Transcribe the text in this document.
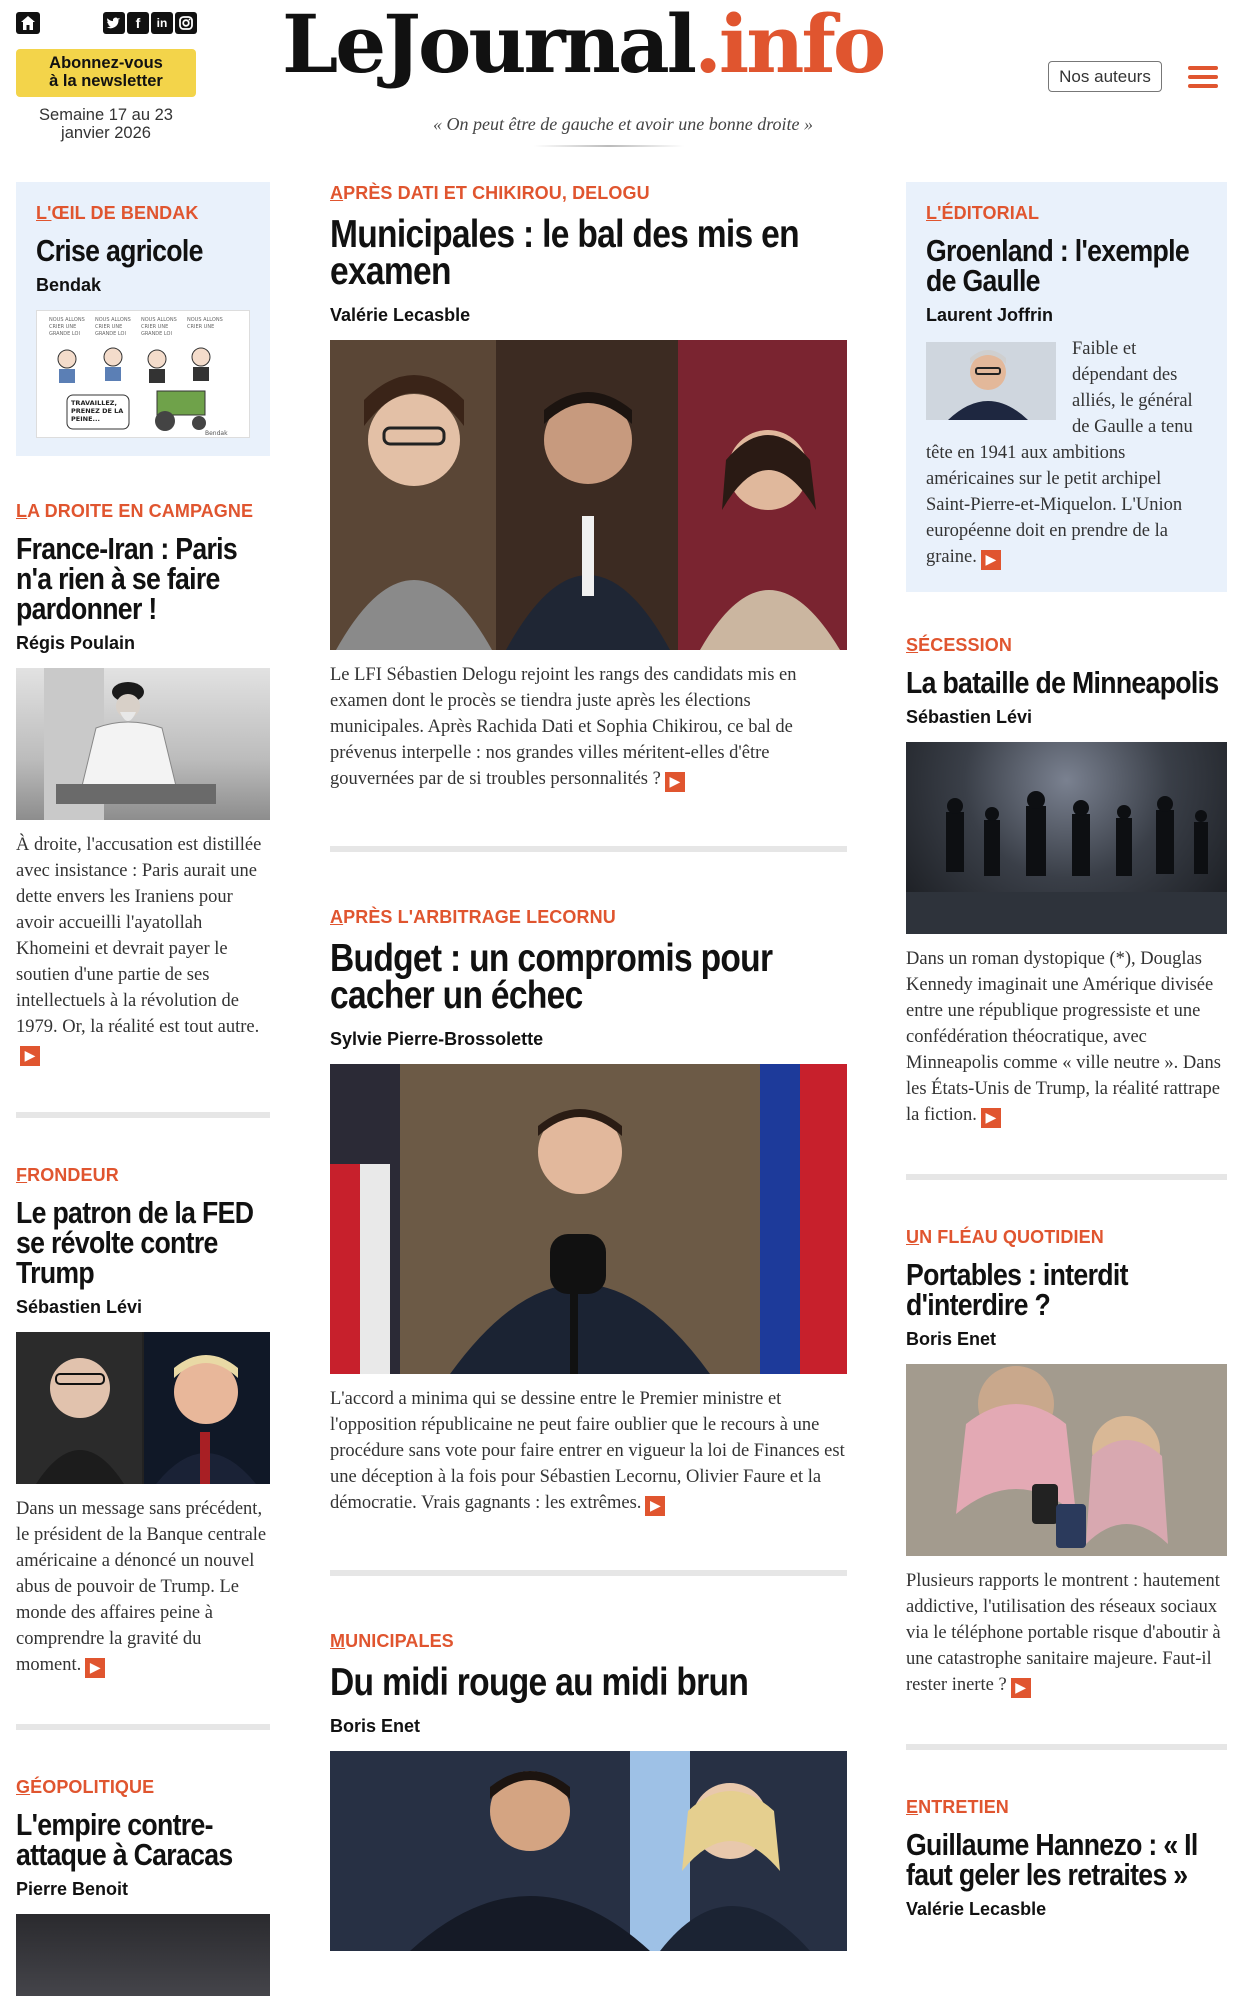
f	in
Abonnez-vous
à la newsletter
Semaine 17 au 23
janvier 2026
LeJournal.info
« On peut être de gauche et avoir une bonne droite »
Nos auteurs
L'ŒIL DE BENDAK
Crise agricole
Bendak
NOUS ALLONS NOUS ALLONS NOUS ALLONS NOUS ALLONS
CRIER UNE	CRIER UNE	CRIER UNE	CRIER UNE
GRANDE LOI	GRANDE LOI	GRANDE LOI
Bendak
TRAVAILLEZ, PRENEZ DE LA PEINE...
LA DROITE EN CAMPAGNE
France-Iran : Paris n'a rien à se faire pardonner !
Régis Poulain
À droite, l'accusation est distillée avec insistance : Paris aurait une dette envers les Iraniens pour avoir accueilli l'ayatollah Khomeini et devrait payer le soutien d'une partie de ses intellectuels à la révolution de 1979. Or, la réalité est tout autre.▶
FRONDEUR
Le patron de la FED se révolte contre Trump
Sébastien Lévi
Dans un message sans précédent, le président de la Banque centrale américaine a dénoncé un nouvel abus de pouvoir de Trump. Le monde des affaires peine à comprendre la gravité du moment. ▶
GÉOPOLITIQUE
L'empire contre-attaque à Caracas
Pierre Benoit
APRÈS DATI ET CHIKIROU, DELOGU
Municipales : le bal des mis en examen
Valérie Lecasble
Le LFI Sébastien Delogu rejoint les rangs des candidats mis en examen dont le procès se tiendra juste après les élections municipales. Après Rachida Dati et Sophia Chikirou, ce bal de prévenus interpelle : nos grandes villes méritent-elles d'être gouvernées par de si troubles personnalités ? ▶
APRÈS L'ARBITRAGE LECORNU
Budget : un compromis pour cacher un échec
Sylvie Pierre-Brossolette
L'accord a minima qui se dessine entre le Premier ministre et l'opposition républicaine ne peut faire oublier que le recours à une procédure sans vote pour faire entrer en vigueur la loi de Finances est une déception à la fois pour Sébastien Lecornu, Olivier Faure et la démocratie. Vrais gagnants : les extrêmes. ▶
MUNICIPALES
Du midi rouge au midi brun
Boris Enet
L'ÉDITORIAL
Groenland : l'exemple de Gaulle
Laurent Joffrin
Faible et dépendant des alliés, le général de Gaulle a tenu tête en 1941 aux ambitions américaines sur le petit archipel Saint-Pierre-et-Miquelon. L'Union européenne doit en prendre de la graine. ▶
SÉCESSION
La bataille de Minneapolis
Sébastien Lévi
Dans un roman dystopique (*), Douglas Kennedy imaginait une Amérique divisée entre une république progressiste et une confédération théocratique, avec Minneapolis comme « ville neutre ». Dans les États-Unis de Trump, la réalité rattrape la fiction. ▶
UN FLÉAU QUOTIDIEN
Portables : interdit d'interdire ?
Boris Enet
Plusieurs rapports le montrent : hautement addictive, l'utilisation des réseaux sociaux via le téléphone portable risque d'aboutir à une catastrophe sanitaire majeure. Faut-il rester inerte ? ▶
ENTRETIEN
Guillaume Hannezo : « Il faut geler les retraites »
Valérie Lecasble
